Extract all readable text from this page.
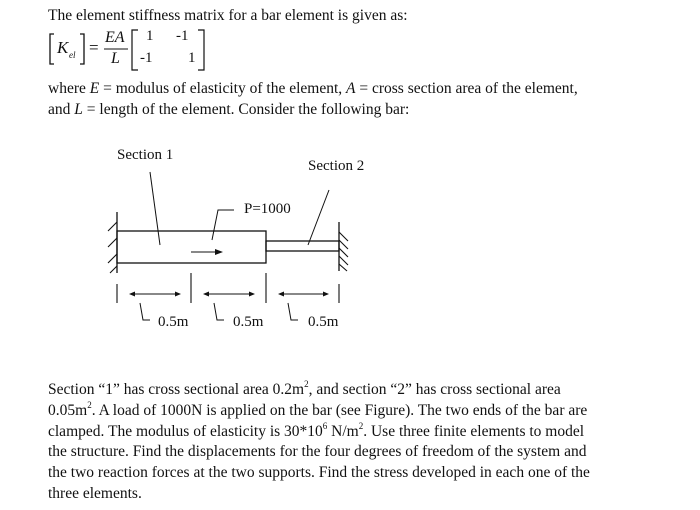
The element stiffness matrix for a bar element is given as:
K el =
EA
L
1 -1
-1 1
where E = modulus of elasticity of the element, A = cross section area of the element,
and L = length of the element. Consider the following bar:
Section 1
Section 2
P=1000
0.5m	0.5m	0.5m
Section “1” has cross sectional area $0.2m^2$, and section “2” has cross sectional area
$0.05m^2$. A load of 1000N is applied on the bar (see Figure). The two ends of the bar are
clamped. The modulus of elasticity is $30*10^6$ $N/m^2$. Use three finite elements to model
the structure. Find the displacements for the four degrees of freedom of the system and
the two reaction forces at the two supports. Find the stress developed in each one of the
three elements.
